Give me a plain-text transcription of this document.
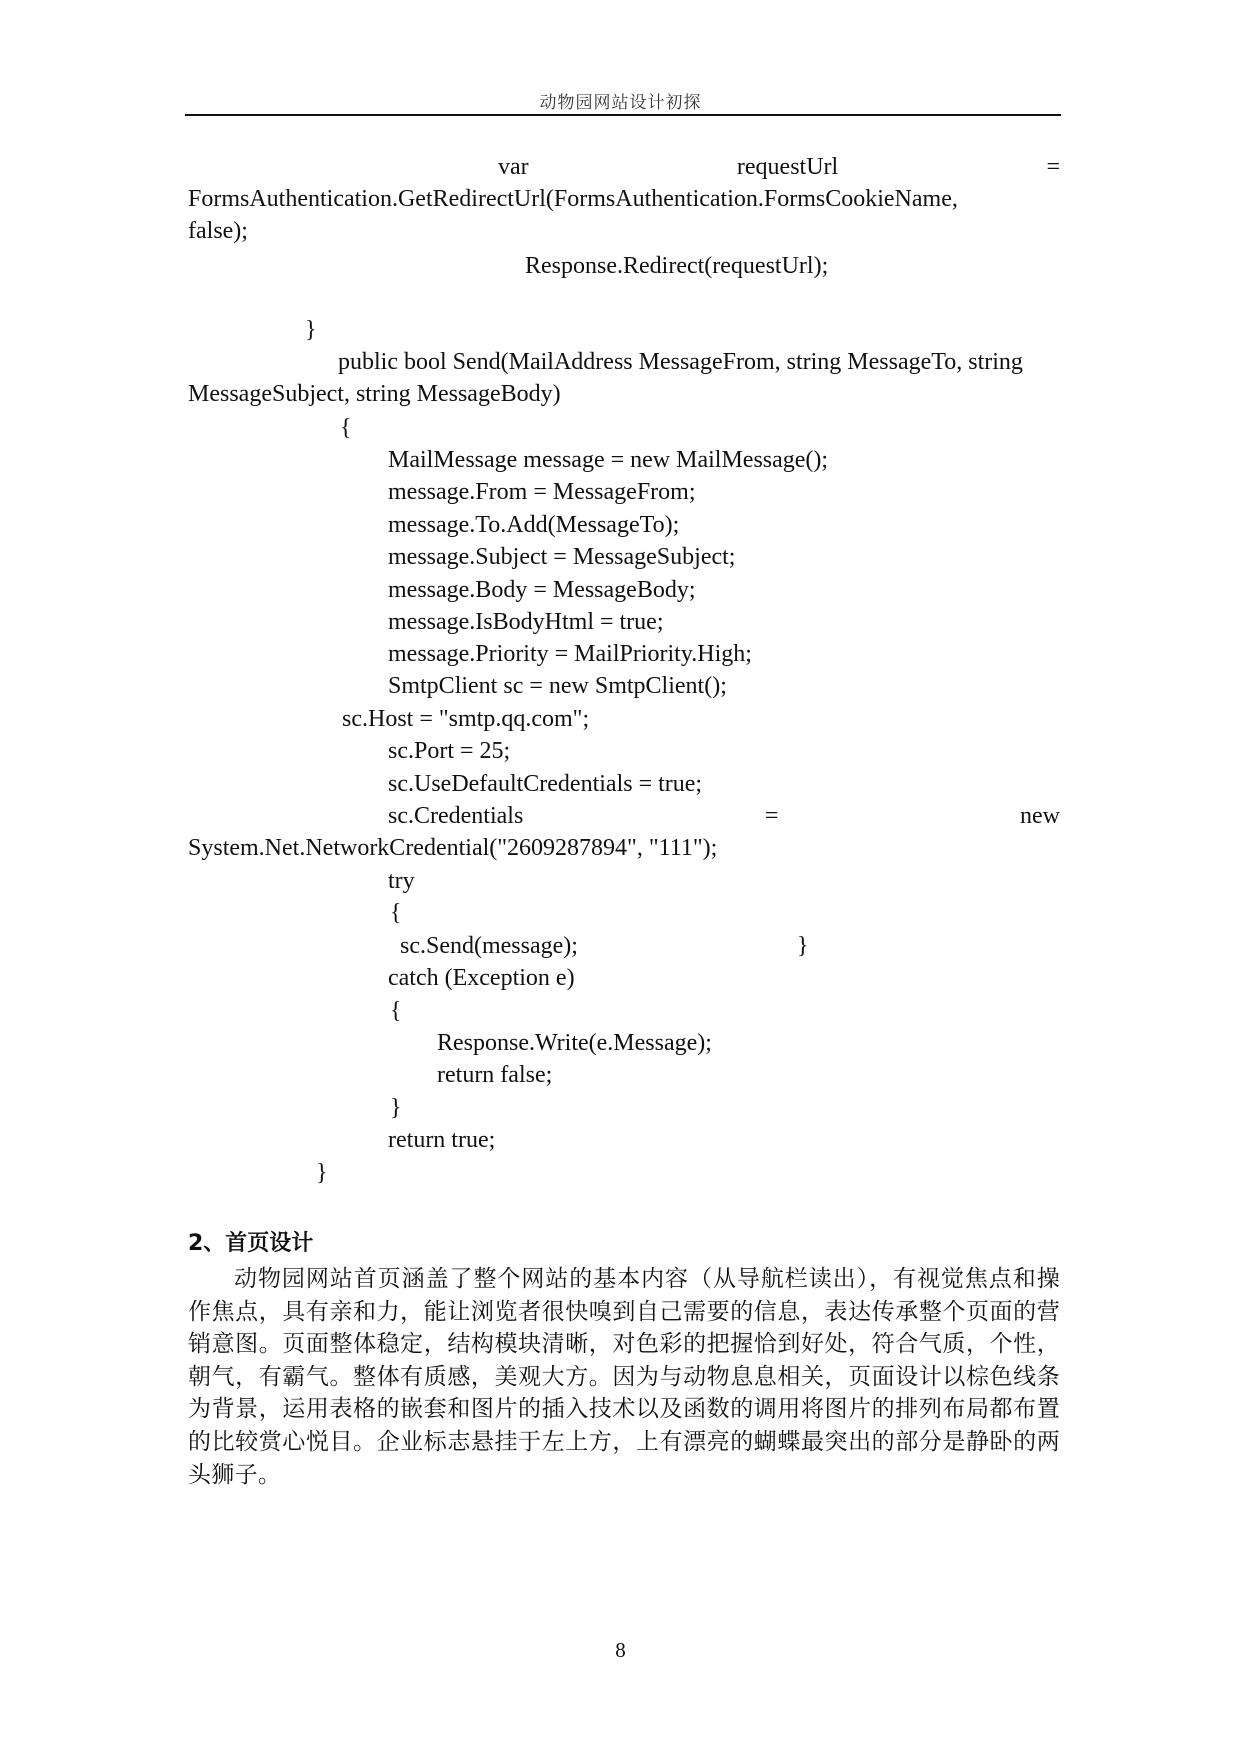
动物园网站设计初探
var	requestUrl	=
FormsAuthentication.GetRedirectUrl(FormsAuthentication.FormsCookieName,
false);
Response.Redirect(requestUrl);
}
public bool Send(MailAddress MessageFrom, string MessageTo, string
MessageSubject, string MessageBody)
{
MailMessage message = new MailMessage();
message.From = MessageFrom;
message.To.Add(MessageTo);
message.Subject = MessageSubject;
message.Body = MessageBody;
message.IsBodyHtml = true;
message.Priority = MailPriority.High;
SmtpClient sc = new SmtpClient();
sc.Host = "smtp.qq.com";
sc.Port = 25;
sc.UseDefaultCredentials = true;
sc.Credentials	=	new
System.Net.NetworkCredential("2609287894", "111");
try
{
sc.Send(message);	}
catch (Exception e)
{
Response.Write(e.Message);
return false;
}
return true;
}
2、首页设计
动物园网站首页涵盖了整个网站的基本内容（从导航栏读出），有视觉焦点和操作焦点，具有亲和力，能让浏览者很快嗅到自己需要的信息，表达传承整个页面的营销意图。页面整体稳定，结构模块清晰，对色彩的把握恰到好处，符合气质，个性，朝气，有霸气。整体有质感，美观大方。因为与动物息息相关，页面设计以棕色线条为背景，运用表格的嵌套和图片的插入技术以及函数的调用将图片的排列布局都布置的比较赏心悦目。企业标志悬挂于左上方，上有漂亮的蝴蝶最突出的部分是静卧的两头狮子。
8
